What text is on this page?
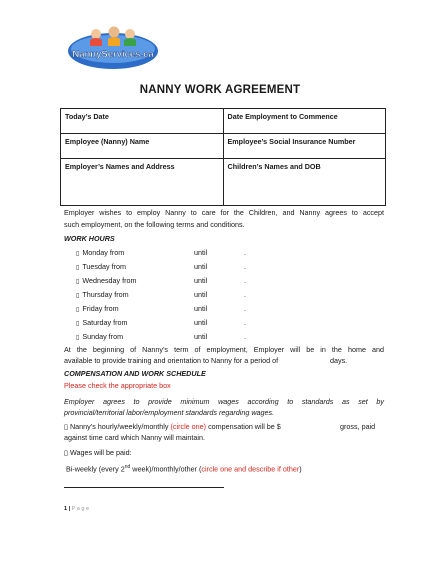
NannyServices.ca
NANNY WORK AGREEMENT
Today’s Date	Date Employment to Commence
Employee (Nanny) Name	Employee’s Social Insurance Number
Employer’s Names and Address	Children’s Names and DOB
Employer wishes to employ Nanny to care for the Children, and Nanny agrees to accept
such employment, on the following terms and conditions.
WORK HOURS
▯ Monday from	until	.
▯ Tuesday from	until	.
▯ Wednesday from	until	.
▯ Thursday from	until	.
▯ Friday from	until	.
▯ Saturday from	until	.
▯ Sunday from	until	.
At the beginning of Nanny’s term of employment, Employer will be in the home and
available to provide training and orientation to Nanny for a period of	days.
COMPENSATION AND WORK SCHEDULE
Please check the appropriate box
Employer agrees to provide minimum wages according to standards as set by
provincial/territorial labor/employment standards regarding wages.
▯ Nanny’s hourly/weekly/monthly (circle one) compensation will be $	gross, paid
against time card which Nanny will maintain.
▯ Wages will be paid:
Bi-weekly (every 2nd week)/monthly/other (circle one and describe if other)
1 | P a g e
